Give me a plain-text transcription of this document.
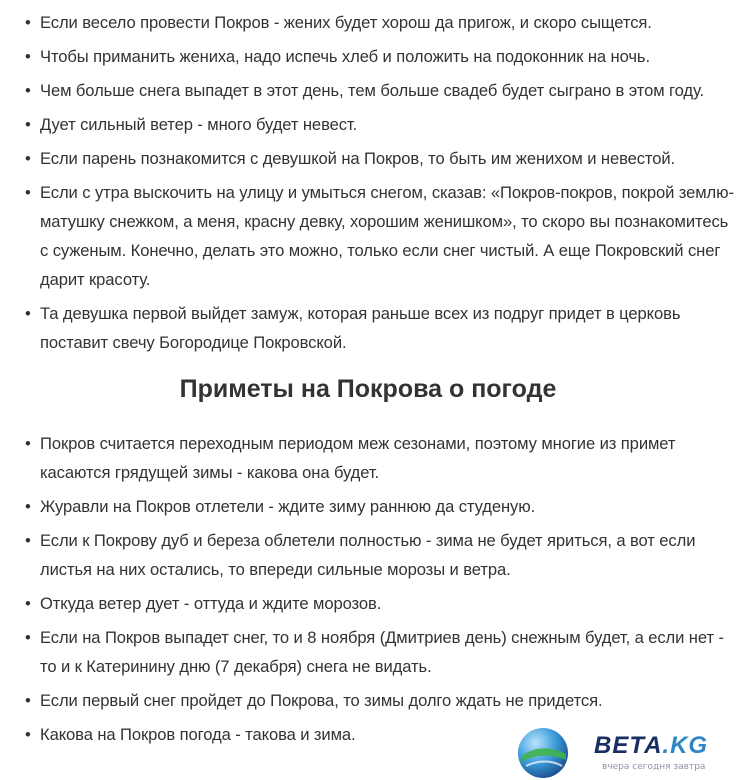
• Если весело провести Покров - жених будет хорош да пригож, и скоро сыщется.
• Чтобы приманить жениха, надо испечь хлеб и положить на подоконник на ночь.
• Чем больше снега выпадет в этот день, тем больше свадеб будет сыграно в этом году.
• Дует сильный ветер - много будет невест.
• Если парень познакомится с девушкой на Покров, то быть им женихом и невестой.
• Если с утра выскочить на улицу и умыться снегом, сказав: «Покров-покров, покрой землю-матушку снежком, а меня, красну девку, хорошим женишком», то скоро вы познакомитесь с суженым. Конечно, делать это можно, только если снег чистый. А еще Покровский снег дарит красоту.
• Та девушка первой выйдет замуж, которая раньше всех из подруг придет в церковь поставит свечу Богородице Покровской.
Приметы на Покрова о погоде
• Покров считается переходным периодом меж сезонами, поэтому многие из примет касаются грядущей зимы - какова она будет.
• Журавли на Покров отлетели - ждите зиму раннюю да студеную.
• Если к Покрову дуб и береза облетели полностью - зима не будет яриться, а вот если листья на них остались, то впереди сильные морозы и ветра.
• Откуда ветер дует - оттуда и ждите морозов.
• Если на Покров выпадет снег, то и 8 ноября (Дмитриев день) снежным будет, а если нет - то и к Катеринину дню (7 декабря) снега не видать.
• Если первый снег пройдет до Покрова, то зимы долго ждать не придется.
• Какова на Покров погода - такова и зима.	ВЕТА.KG
вчера сегодня завтра
